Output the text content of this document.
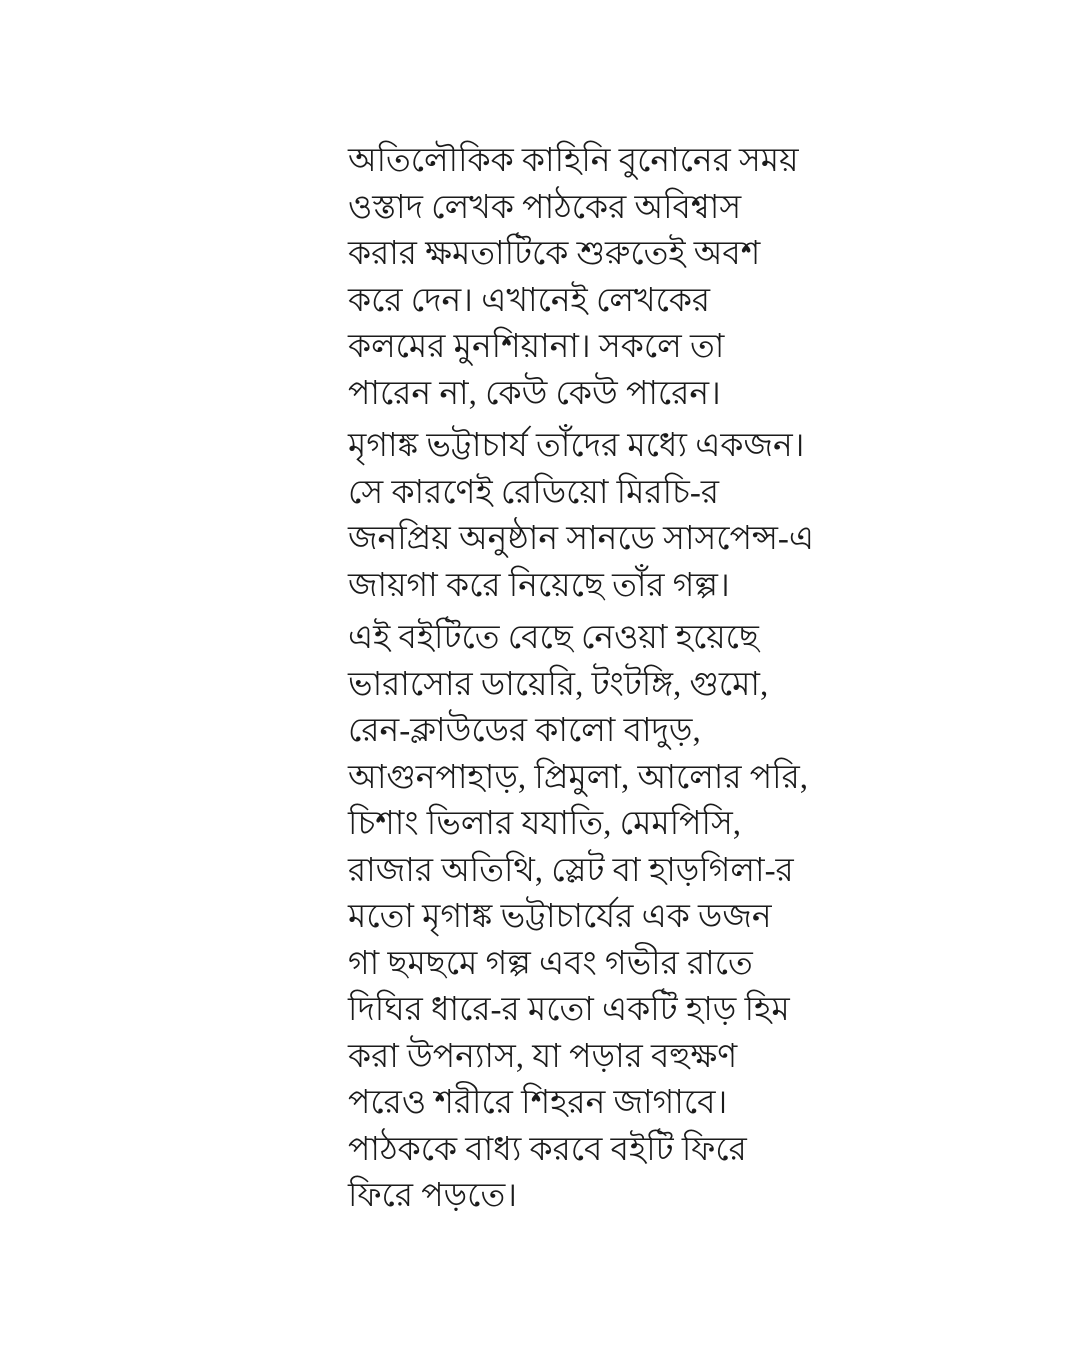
অতিলৌকিক কাহিনি বুনোনের সময়
ওস্তাদ লেখক পাঠকের অবিশ্বাস
করার ক্ষমতাটিকে শুরুতেই অবশ
করে দেন। এখানেই লেখকের
কলমের মুনশিয়ানা। সকলে তা
পারেন না, কেউ কেউ পারেন।
মৃগাঙ্ক ভট্টাচার্য তাঁদের মধ্যে একজন।
সে কারণেই রেডিয়ো মিরচি-র
জনপ্রিয় অনুষ্ঠান সানডে সাসপেন্স-এ
জায়গা করে নিয়েছে তাঁর গল্প।
এই বইটিতে বেছে নেওয়া হয়েছে
ভারাসোর ডায়েরি, টংটঙ্গি, গুমো,
রেন-ক্লাউডের কালো বাদুড়,
আগুনপাহাড়, প্রিমুলা, আলোর পরি,
চিশাং ভিলার যযাতি, মেমপিসি,
রাজার অতিথি, স্লেট বা হাড়গিলা-র
মতো মৃগাঙ্ক ভট্টাচার্যের এক ডজন
গা ছমছমে গল্প এবং গভীর রাতে
দিঘির ধারে-র মতো একটি হাড় হিম
করা উপন্যাস, যা পড়ার বহুক্ষণ
পরেও শরীরে শিহরন জাগাবে।
পাঠককে বাধ্য করবে বইটি ফিরে
ফিরে পড়তে।
